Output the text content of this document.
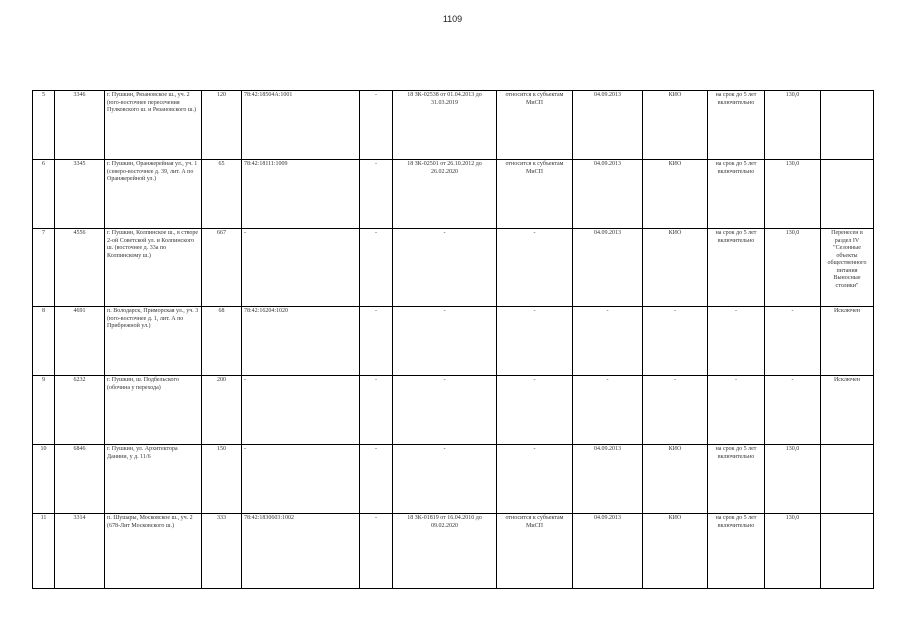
1109
5	3346	г. Пушкин, Рязановское ш., уч. 2 (юго-восточнее пересечения Пулковского ш. и Рязановского ш.)	120	78:42:18504А:1001	-	18 ЗК-02538 от 01.04.2013 до 31.03.2019	относится к субъектам МиСП	04.09.2013	КИО	на срок до 5 лет включительно	130,0	
6	3345	г. Пушкин, Оранжерейная ул., уч. 1 (северо-восточнее д. 39, лит. А по Оранжерейной ул.)	65	78:42:18111:1009	-	18 ЗК-02501 от 26.10.2012 до 26.02.2020	относится к субъектам МиСП	04.09.2013	КИО	на срок до 5 лет включительно	130,0	
7	4556	г. Пушкин, Колпинское ш., в створе 2-ой Советской ул. и Колпинского ш. (восточнее д. 33а по Колпинскому ш.)	667	-	-	-	-	04.09.2013	КИО	на срок до 5 лет включительно	130,0	Перенесен в раздел IV "Сезонные объекты общественного питания Выносные столики"
8	4691	п. Володарск, Приморская ул., уч. 3 (юго-восточнее д. 1, лит. А по Прибрежной ул.)	68	78:42:16204:1020	-	-	-	-	-	-	-	Исключен
9	6232	г. Пушкин, ш. Подбельского (обочина у перехода)	200	-	-	-	-	-	-	-	-	Исключен
10	6846	г. Пушкин, ул. Архитектора Данини, у д. 11/6	150	-	-	-	-	04.09.2013	КИО	на срок до 5 лет включительно	130,0	
11	3314	п. Шушары, Московское ш., уч. 2 (678-Лит Московского ш.)	333	78:42:1830603:1002	-	18 ЗК-01819 от 16.04.2010 до 09.02.2020	относится к субъектам МиСП	04.09.2013	КИО	на срок до 5 лет включительно	130,0	
